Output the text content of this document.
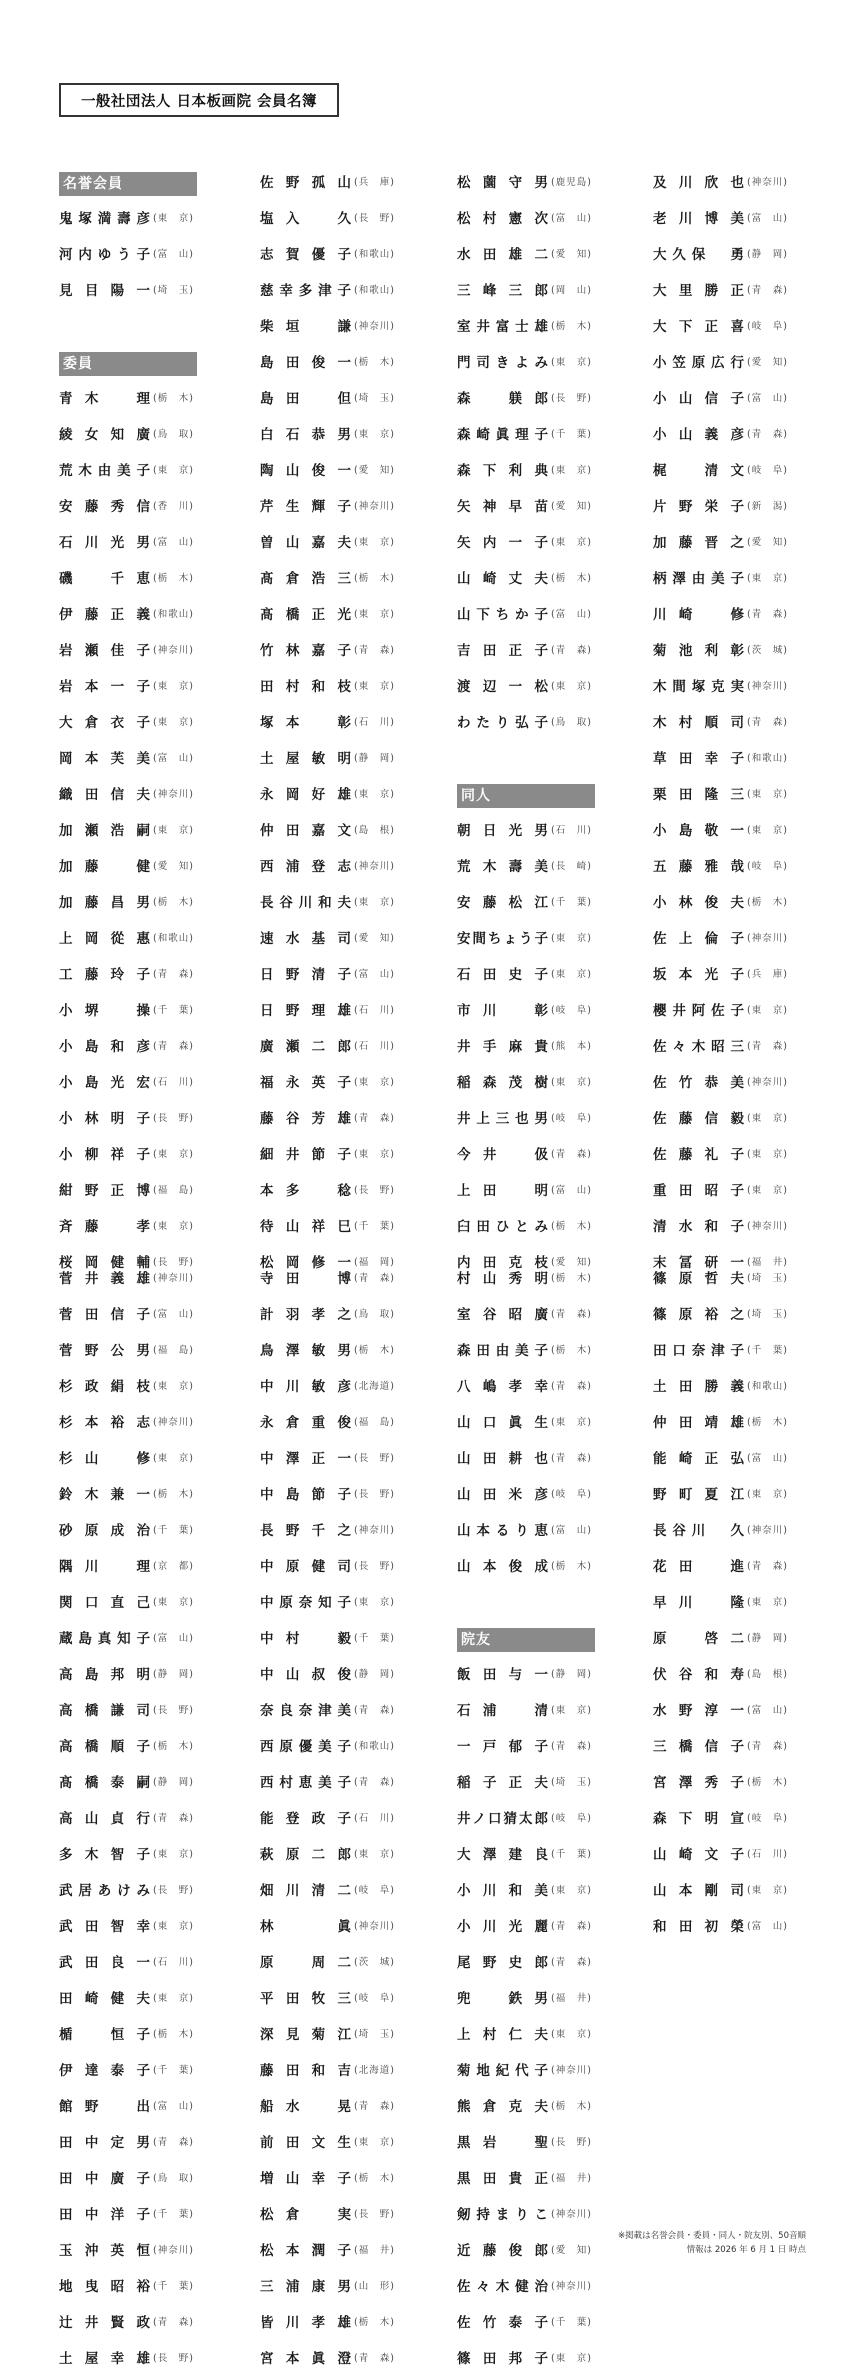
一般社団法人 日本板画院 会員名簿
名誉会員
鬼塚満壽彦 (東　京)
河内ゆう子 (富　山)
見目陽一 (埼　玉)
委員
青木　理 (栃　木)
綾女知廣 (鳥　取)
荒木由美子 (東　京)
安藤秀信 (香　川)
石川光男 (富　山)
磯　千恵 (栃　木)
伊藤正義 (和歌山)
岩瀬佳子 (神奈川)
岩本一子 (東　京)
大倉衣子 (東　京)
岡本芙美 (富　山)
織田信夫 (神奈川)
加瀬浩嗣 (東　京)
加藤　健 (愛　知)
加藤昌男 (栃　木)
上岡從惠 (和歌山)
工藤玲子 (青　森)
小堺　操 (千　葉)
小島和彦 (青　森)
小島光宏 (石　川)
小林明子 (長　野)
小柳祥子 (東　京)
紺野正博 (福　島)
斉藤　孝 (東　京)
桜岡健輔 (長　野)
佐野孤山 (兵　庫)
塩入　久 (長　野)
志賀優子 (和歌山)
慈幸多津子 (和歌山)
柴垣　謙 (神奈川)
島田俊一 (栃　木)
島田　但 (埼　玉)
白石恭男 (東　京)
陶山俊一 (愛　知)
芹生輝子 (神奈川)
曽山嘉夫 (東　京)
髙倉浩三 (栃　木)
髙橋正光 (東　京)
竹林嘉子 (青　森)
田村和枝 (東　京)
塚本　彰 (石　川)
土屋敏明 (静　岡)
永岡好雄 (東　京)
仲田嘉文 (島　根)
西浦登志 (神奈川)
長谷川和夫 (東　京)
速水基司 (愛　知)
日野清子 (富　山)
日野理雄 (石　川)
廣瀬二郎 (石　川)
福永英子 (東　京)
藤谷芳雄 (青　森)
細井節子 (東　京)
本多　稔 (長　野)
待山祥巳 (千　葉)
松岡修一 (福　岡)
松薗守男 (鹿児島)
松村憲次 (富　山)
水田雄二 (愛　知)
三峰三郎 (岡　山)
室井富士雄 (栃　木)
門司きよみ (東　京)
森　躾郎 (長　野)
森崎眞理子 (千　葉)
森下利典 (東　京)
矢神早苗 (愛　知)
矢内一子 (東　京)
山崎丈夫 (栃　木)
山下ちか子 (富　山)
吉田正子 (青　森)
渡辺一松 (東　京)
わたり弘子 (鳥　取)
同人
朝日光男 (石　川)
荒木壽美 (長　崎)
安藤松江 (千　葉)
安間ちょう子 (東　京)
石田史子 (東　京)
市川　彰 (岐　阜)
井手麻貴 (熊　本)
稲森茂樹 (東　京)
井上三也男 (岐　阜)
今井　伋 (青　森)
上田　明 (富　山)
臼田ひとみ (栃　木)
内田克枝 (愛　知)
及川欣也 (神奈川)
老川博美 (富　山)
大久保　勇 (静　岡)
大里勝正 (青　森)
大下正喜 (岐　阜)
小笠原広行 (愛　知)
小山信子 (富　山)
小山義彦 (青　森)
梶　清文 (岐　阜)
片野栄子 (新　潟)
加藤晋之 (愛　知)
柄澤由美子 (東　京)
川崎　修 (青　森)
菊池利彰 (茨　城)
木間塚克実 (神奈川)
木村順司 (青　森)
草田幸子 (和歌山)
栗田隆三 (東　京)
小島敬一 (東　京)
五藤雅哉 (岐　阜)
小林俊夫 (栃　木)
佐上倫子 (神奈川)
坂本光子 (兵　庫)
櫻井阿佐子 (東　京)
佐々木昭三 (青　森)
佐竹恭美 (神奈川)
佐藤信毅 (東　京)
佐藤礼子 (東　京)
重田昭子 (東　京)
清水和子 (神奈川)
末冨研一 (福　井)
菅井義雄 (神奈川)
菅田信子 (富　山)
菅野公男 (福　島)
杉政絹枝 (東　京)
杉本裕志 (神奈川)
杉山　修 (東　京)
鈴木兼一 (栃　木)
砂原成治 (千　葉)
隅川　理 (京　都)
関口直己 (東　京)
蔵島真知子 (富　山)
高島邦明 (静　岡)
高橋謙司 (長　野)
高橋順子 (栃　木)
髙橋泰嗣 (静　岡)
高山貞行 (青　森)
多木智子 (東　京)
武居あけみ (長　野)
武田智幸 (東　京)
武田良一 (石　川)
田崎健夫 (東　京)
楯　恒子 (栃　木)
伊達泰子 (千　葉)
館野　出 (富　山)
田中定男 (青　森)
田中廣子 (鳥　取)
田中洋子 (千　葉)
玉沖英恒 (神奈川)
地曳昭裕 (千　葉)
辻井賢政 (青　森)
土屋幸雄 (長　野)
寺田　博 (青　森)
計羽孝之 (鳥　取)
鳥澤敏男 (栃　木)
中川敏彦 (北海道)
永倉重俊 (福　島)
中澤正一 (長　野)
中島節子 (長　野)
長野千之 (神奈川)
中原健司 (長　野)
中原奈知子 (東　京)
中村　毅 (千　葉)
中山叔俊 (静　岡)
奈良奈津美 (青　森)
西原優美子 (和歌山)
西村恵美子 (青　森)
能登政子 (石　川)
萩原二郎 (東　京)
畑川清二 (岐　阜)
林　　眞 (神奈川)
原　周二 (茨　城)
平田牧三 (岐　阜)
深見菊江 (埼　玉)
藤田和吉 (北海道)
船水　晃 (青　森)
前田文生 (東　京)
増山幸子 (栃　木)
松倉　実 (長　野)
松本潤子 (福　井)
三浦康男 (山　形)
皆川孝雄 (栃　木)
宮本眞澄 (青　森)
村山秀明 (栃　木)
室谷昭廣 (青　森)
森田由美子 (栃　木)
八嶋孝幸 (青　森)
山口眞生 (東　京)
山田耕也 (青　森)
山田米彦 (岐　阜)
山本るり恵 (富　山)
山本俊成 (栃　木)
院友
飯田与一 (静　岡)
石浦　清 (東　京)
一戸郁子 (青　森)
稲子正夫 (埼　玉)
井ノ口猜太郎 (岐　阜)
大澤建良 (千　葉)
小川和美 (東　京)
小川光麗 (青　森)
尾野史郎 (青　森)
兜　鉄男 (福　井)
上村仁夫 (東　京)
菊地紀代子 (神奈川)
熊倉克夫 (栃　木)
黒岩　聖 (長　野)
黒田貴正 (福　井)
剱持まりこ (神奈川)
近藤俊郎 (愛　知)
佐々木健治 (神奈川)
佐竹泰子 (千　葉)
篠田邦子 (東　京)
篠原哲夫 (埼　玉)
篠原裕之 (埼　玉)
田口奈津子 (千　葉)
土田勝義 (和歌山)
仲田靖雄 (栃　木)
能崎正弘 (富　山)
野町夏江 (東　京)
長谷川　久 (神奈川)
花田　進 (青　森)
早川　隆 (東　京)
原　啓二 (静　岡)
伏谷和寿 (島　根)
水野淳一 (富　山)
三橋信子 (青　森)
宮澤秀子 (栃　木)
森下明宣 (岐　阜)
山崎文子 (石　川)
山本剛司 (東　京)
和田初榮 (富　山)
※掲載は名誉会員・委員・同人・院友別、50音順
情報は 2026 年 6 月 1 日 時点
